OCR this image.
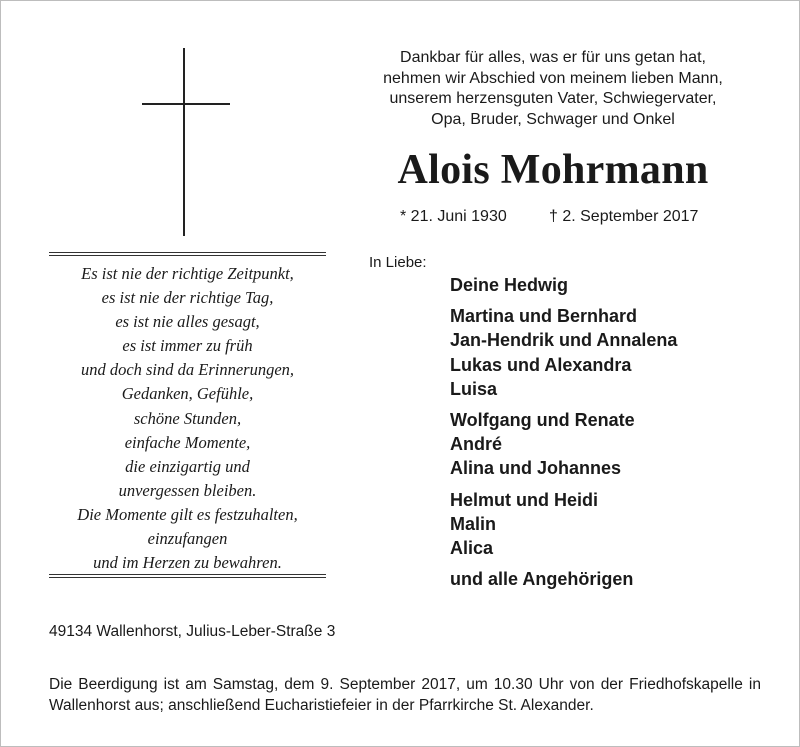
Dankbar für alles, was er für uns getan hat,
nehmen wir Abschied von meinem lieben Mann,
unserem herzensguten Vater, Schwiegervater,
Opa, Bruder, Schwager und Onkel
Alois Mohrmann
* 21. Juni 1930	† 2. September 2017
Es ist nie der richtige Zeitpunkt,
es ist nie der richtige Tag,
es ist nie alles gesagt,
es ist immer zu früh
und doch sind da Erinnerungen,
Gedanken, Gefühle,
schöne Stunden,
einfache Momente,
die einzigartig und
unvergessen bleiben.
Die Momente gilt es festzuhalten,
einzufangen
und im Herzen zu bewahren.
In Liebe:
Deine Hedwig
Martina und Bernhard
Jan-Hendrik und Annalena
Lukas und Alexandra
Luisa
Wolfgang und Renate
André
Alina und Johannes
Helmut und Heidi
Malin
Alica
und alle Angehörigen
49134 Wallenhorst, Julius-Leber-Straße 3
Die Beerdigung ist am Samstag, dem 9. September 2017, um 10.30 Uhr von der Friedhofskapelle in Wallenhorst aus; anschließend Eucharistiefeier in der Pfarrkirche St. Alexander.
